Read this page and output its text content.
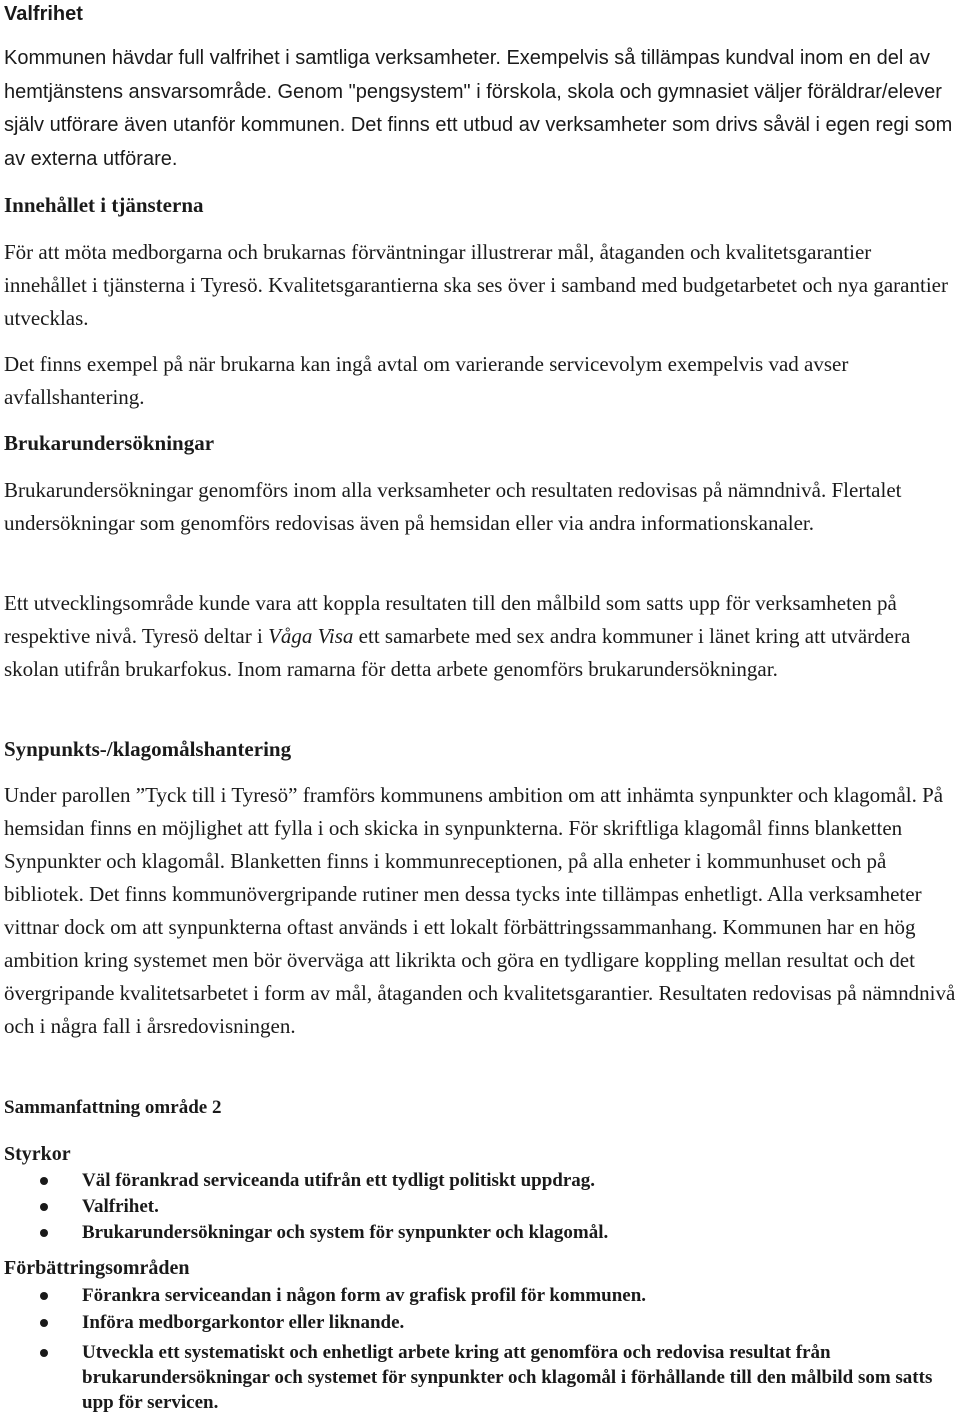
Valfrihet

Kommunen hävdar full valfrihet i samtliga verksamheter. Exempelvis så tillämpas kundval inom en del av hemtjänstens ansvarsområde. Genom "pengsystem" i förskola, skola och gymnasiet väljer föräldrar/elever själv utförare även utanför kommunen. Det finns ett utbud av verksamheter som drivs såväl i egen regi som av externa utförare.

Innehållet i tjänsterna

För att möta medborgarna och brukarnas förväntningar illustrerar mål, åtaganden och kvalitetsgarantier innehållet i tjänsterna i Tyresö. Kvalitetsgarantierna ska ses över i samband med budgetarbetet och nya garantier utvecklas.

Det finns exempel på när brukarna kan ingå avtal om varierande servicevolym exempelvis vad avser avfallshantering.

Brukarundersökningar

Brukarundersökningar genomförs inom alla verksamheter och resultaten redovisas på nämndnivå. Flertalet undersökningar som genomförs redovisas även på hemsidan eller via andra informationskanaler.

Ett utvecklingsområde kunde vara att koppla resultaten till den målbild som satts upp för verksamheten på respektive nivå. Tyresö deltar i Våga Visa ett samarbete med sex andra kommuner i länet kring att utvärdera skolan utifrån brukarfokus. Inom ramarna för detta arbete genomförs brukarundersökningar.

Synpunkts-/klagomålshantering

Under parollen ”Tyck till i Tyresö” framförs kommunens ambition om att inhämta synpunkter och klagomål. På hemsidan finns en möjlighet att fylla i och skicka in synpunkterna. För skriftliga klagomål finns blanketten Synpunkter och klagomål. Blanketten finns i kommunreceptionen, på alla enheter i kommunhuset och på bibliotek. Det finns kommunövergripande rutiner men dessa tycks inte tillämpas enhetligt. Alla verksamheter vittnar dock om att synpunkterna oftast används i ett lokalt förbättringssammanhang. Kommunen har en hög ambition kring systemet men bör överväga att likrikta och göra en tydligare koppling mellan resultat och det övergripande kvalitetsarbetet i form av mål, åtaganden och kvalitetsgarantier. Resultaten redovisas på nämndnivå och i några fall i årsredovisningen.

Sammanfattning område 2
Styrkor
Väl förankrad serviceanda utifrån ett tydligt politiskt uppdrag.
Valfrihet.
Brukarundersökningar och system för synpunkter och klagomål.
Förbättringsområden
Förankra serviceandan i någon form av grafisk profil för kommunen.
Införa medborgarkontor eller liknande.
Utveckla ett systematiskt och enhetligt arbete kring att genomföra och redovisa resultat från brukarundersökningar och systemet för synpunkter och klagomål i förhållande till den målbild som satts upp för servicen.
